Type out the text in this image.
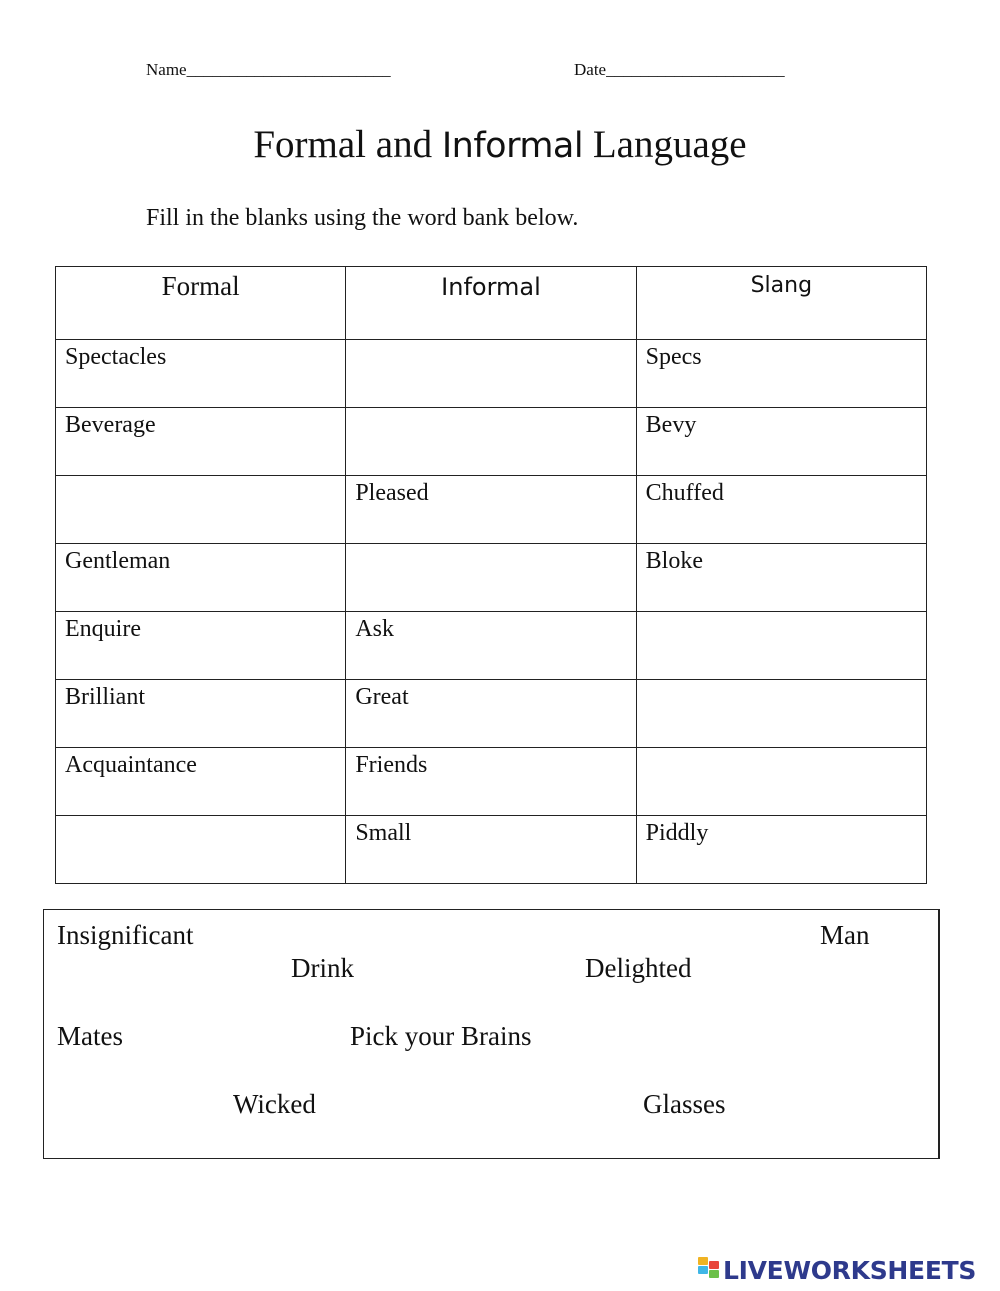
Name________________________	Date_____________________
Formal and Informal Language
Fill in the blanks using the word bank below.
Formal	Informal	Slang
Spectacles		Specs
Beverage		Bevy
	Pleased	Chuffed
Gentleman		Bloke
Enquire	Ask	
Brilliant	Great	
Acquaintance	Friends	
	Small	Piddly
Insignificant	Man
Drink	Delighted
Mates	Pick your Brains
Wicked	Glasses
LIVEWORKSHEETS
